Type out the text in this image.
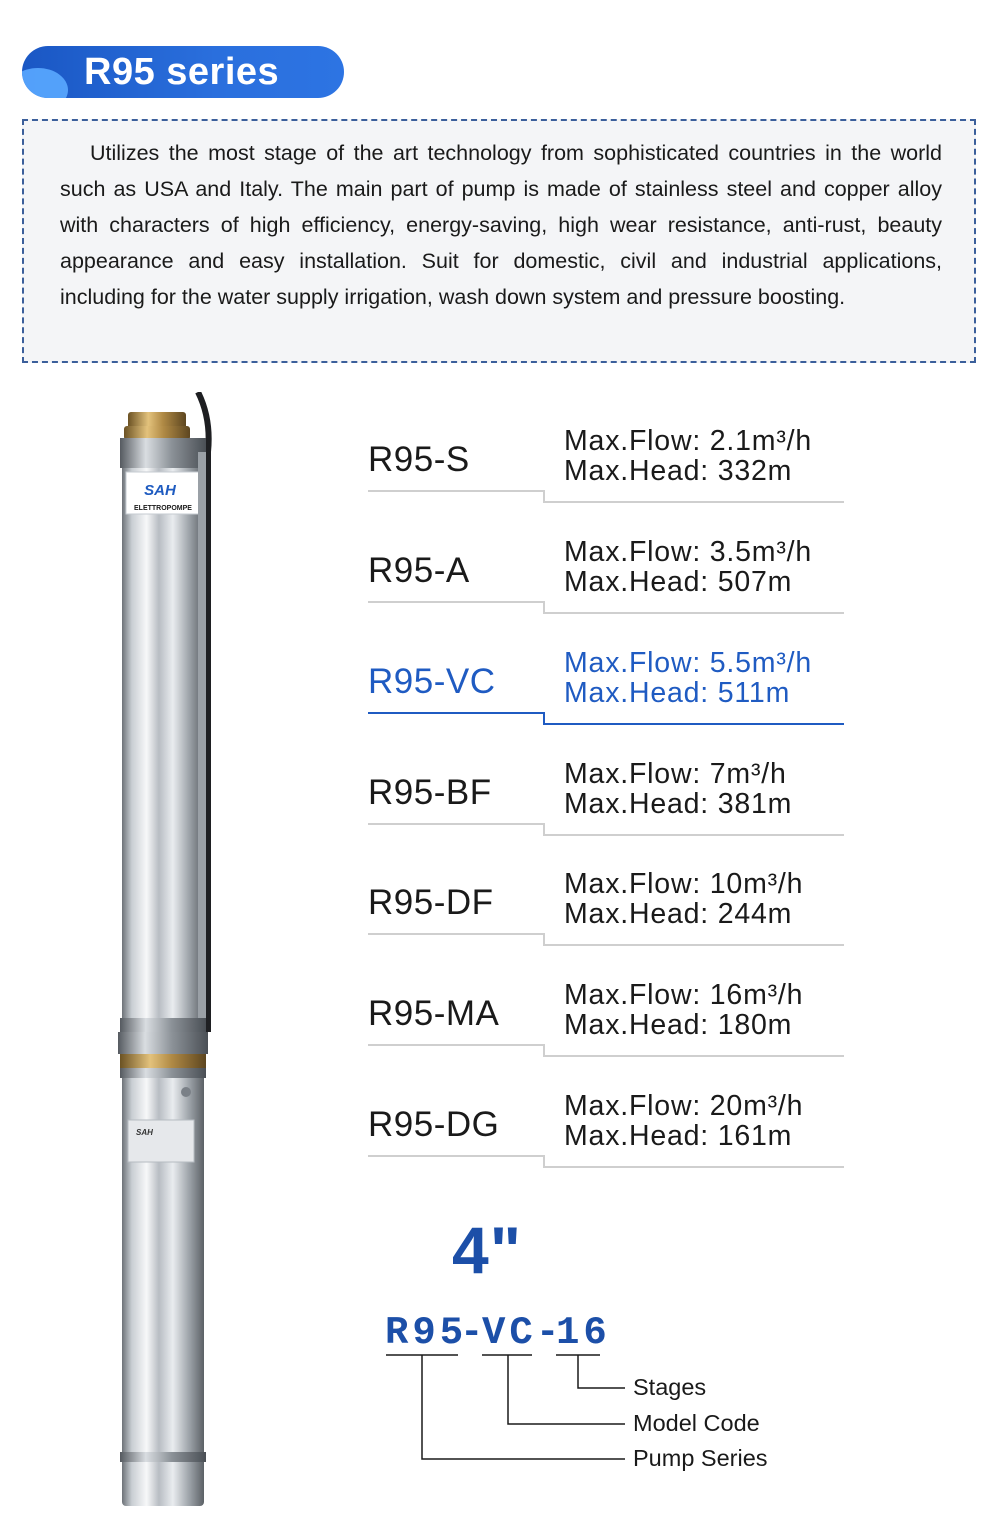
R95 series
Utilizes the most stage of the art technology from sophisticated countries in the world such as USA and Italy. The main part of pump is made of stainless steel and copper alloy with characters of high efficiency, energy-saving, high wear resistance, anti-rust, beauty appearance and easy installation. Suit for domestic, civil and industrial applications, including for the water supply irrigation, wash down system and pressure boosting.
SAH
ELETTROPOMPE
SAH
R95-S	Max.Flow: 2.1m³/h
Max.Head: 332m
R95-A	Max.Flow: 3.5m³/h
Max.Head: 507m
R95-VC Max.Flow: 5.5m³/h
Max.Head: 511m
R95-BF	Max.Flow: 7m³/h
Max.Head: 381m
R95-DF Max.Flow: 10m³/h
Max.Head: 244m
R95-MA Max.Flow: 16m³/h
Max.Head: 180m
R95-DG Max.Flow: 20m³/h
Max.Head: 161m
4"
R95
-
VC -
16
Stages
Model Code
Pump Series
